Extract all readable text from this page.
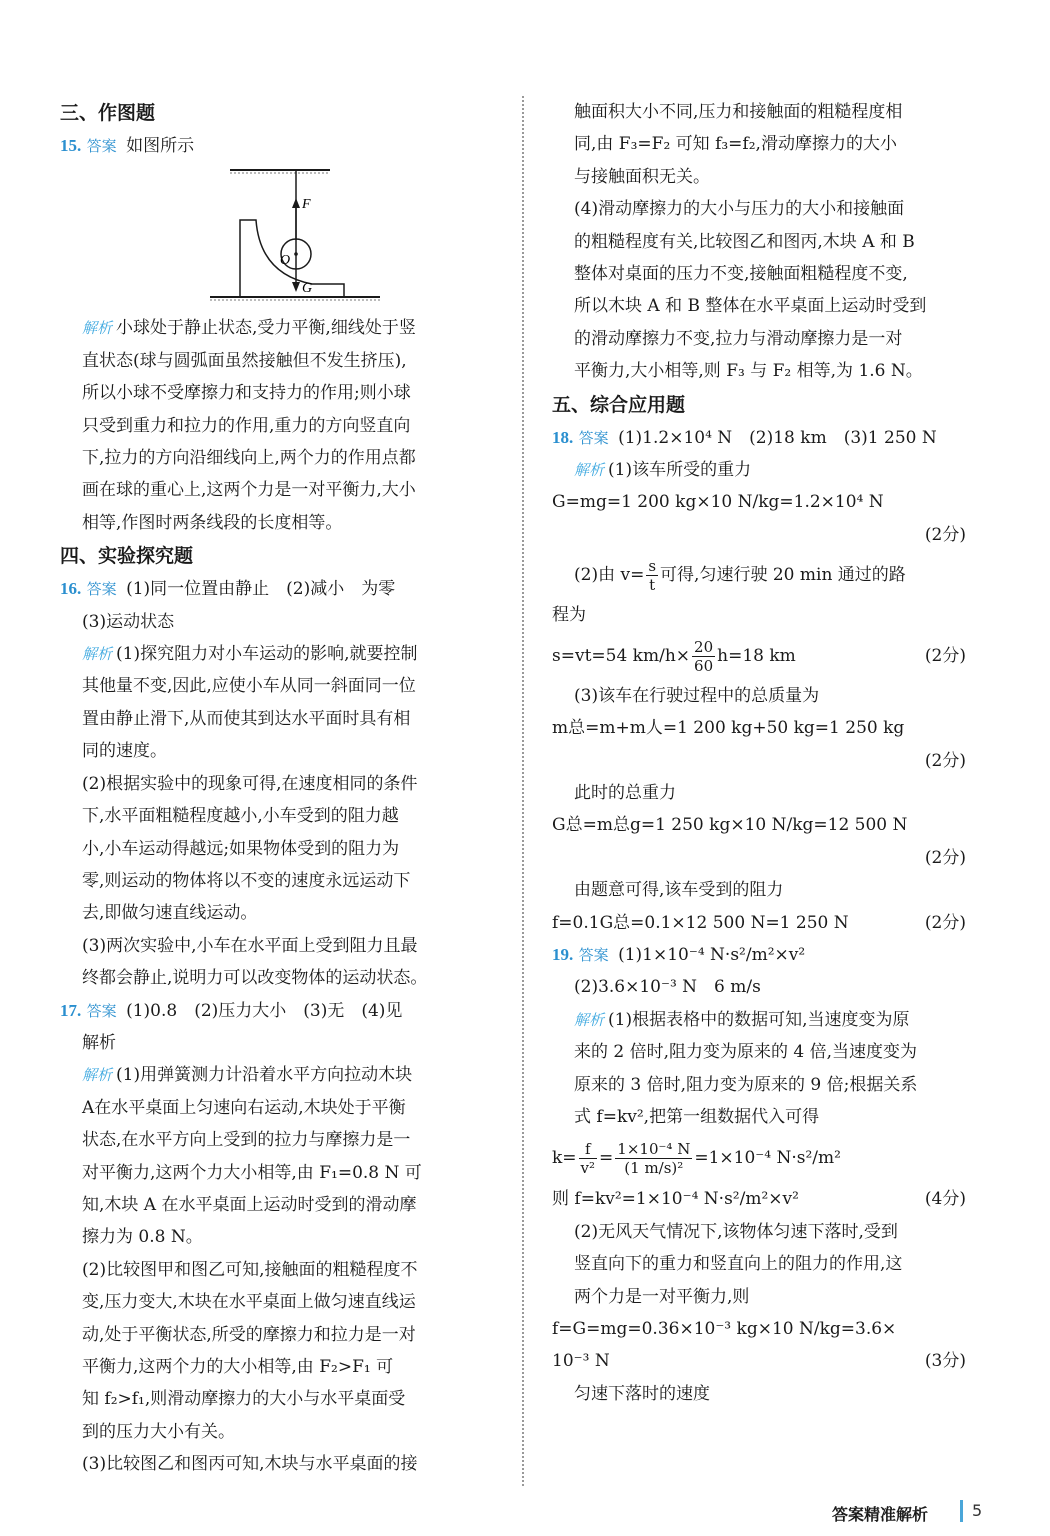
三、作图题
15. 答案 如图所示
F
O
G
解析 小球处于静止状态,受力平衡,细线处于竖
直状态(球与圆弧面虽然接触但不发生挤压),
所以小球不受摩擦力和支持力的作用;则小球
只受到重力和拉力的作用,重力的方向竖直向
下,拉力的方向沿细线向上,两个力的作用点都
画在球的重心上,这两个力是一对平衡力,大小
相等,作图时两条线段的长度相等。
四、实验探究题
16. 答案 (1)同一位置由静止　(2)减小　为零
(3)运动状态
解析 (1)探究阻力对小车运动的影响,就要控制
其他量不变,因此,应使小车从同一斜面同一位
置由静止滑下,从而使其到达水平面时具有相
同的速度。
(2)根据实验中的现象可得,在速度相同的条件
下,水平面粗糙程度越小,小车受到的阻力越
小,小车运动得越远;如果物体受到的阻力为
零,则运动的物体将以不变的速度永远运动下
去,即做匀速直线运动。
(3)两次实验中,小车在水平面上受到阻力且最
终都会静止,说明力可以改变物体的运动状态。
17. 答案 (1)0.8　(2)压力大小　(3)无　(4)见
解析
解析 (1)用弹簧测力计沿着水平方向拉动木块
A在水平桌面上匀速向右运动,木块处于平衡
状态,在水平方向上受到的拉力与摩擦力是一
对平衡力,这两个力大小相等,由 F₁=0.8 N 可
知,木块 A 在水平桌面上运动时受到的滑动摩
擦力为 0.8 N。
(2)比较图甲和图乙可知,接触面的粗糙程度不
变,压力变大,木块在水平桌面上做匀速直线运
动,处于平衡状态,所受的摩擦力和拉力是一对
平衡力,这两个力的大小相等,由 F₂>F₁ 可
知 f₂>f₁,则滑动摩擦力的大小与水平桌面受
到的压力大小有关。
(3)比较图乙和图丙可知,木块与水平桌面的接
触面积大小不同,压力和接触面的粗糙程度相
同,由 F₃=F₂ 可知 f₃=f₂,滑动摩擦力的大小
与接触面积无关。
(4)滑动摩擦力的大小与压力的大小和接触面
的粗糙程度有关,比较图乙和图丙,木块 A 和 B
整体对桌面的压力不变,接触面粗糙程度不变,
所以木块 A 和 B 整体在水平桌面上运动时受到
的滑动摩擦力不变,拉力与滑动摩擦力是一对
平衡力,大小相等,则 F₃ 与 F₂ 相等,为 1.6 N。
五、综合应用题
18. 答案 (1)1.2×10⁴ N　(2)18 km　(3)1 250 N
解析 (1)该车所受的重力
G=mg=1 200 kg×10 N/kg=1.2×10⁴ N
(2分)
(2)由 $v= \frac{s}{t}$ 可得,匀速行驶 20 min 通过的路
程为
s=vt=54 $km/h\times \frac{20}{60} h=18$ km	(2分)
(3)该车在行驶过程中的总质量为
m总=m+m人=1 200 kg+50 kg=1 250 kg
(2分)
此时的总重力
G总=m总g=1 250 kg×10 N/kg=12 500 N
(2分)
由题意可得,该车受到的阻力
f=0.1G总=0.1×12 500 N=1 250 N	(2分)
19. 答案 (1)1×10⁻⁴ N·s²/m²×v²
(2)3.6×10⁻³ N　6 m/s
解析 (1)根据表格中的数据可知,当速度变为原
来的 2 倍时,阻力变为原来的 4 倍,当速度变为
原来的 3 倍时,阻力变为原来的 9 倍;根据关系
式 f=kv²,把第一组数据代入可得
$k= \frac{f}{\text{v²}} = \frac{\text{1×10⁻⁴ N}}{\text{(1 m/s)²}} =1\times 10^{-4}$ N·s²/m²
则 f=kv²=1×10⁻⁴ N·s²/m²×v²	(4分)
(2)无风天气情况下,该物体匀速下落时,受到
竖直向下的重力和竖直向上的阻力的作用,这
两个力是一对平衡力,则
f=G=mg=0.36×10⁻³ kg×10 N/kg=3.6×
10⁻³ N	(3分)
匀速下落时的速度
答案精准解析	5
